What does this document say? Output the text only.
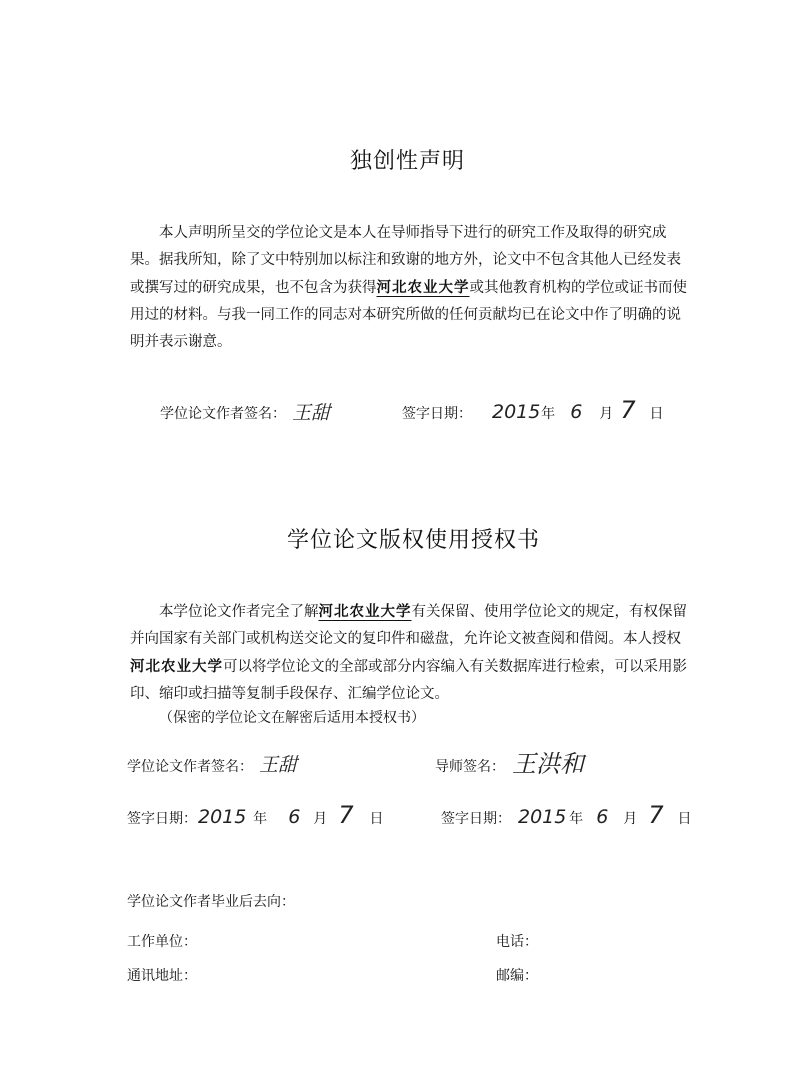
独创性声明

本人声明所呈交的学位论文是本人在导师指导下进行的研究工作及取得的研究成果。据我所知，除了文中特别加以标注和致谢的地方外，论文中不包含其他人已经发表或撰写过的研究成果，也不包含为获得河北农业大学或其他教育机构的学位或证书而使用过的材料。与我一同工作的同志对本研究所做的任何贡献均已在论文中作了明确的说明并表示谢意。

学位论文作者签名： 王甜	签字日期： 2015 年 6 月 7 日
学位论文版权使用授权书

本学位论文作者完全了解河北农业大学有关保留、使用学位论文的规定，有权保留并向国家有关部门或机构送交论文的复印件和磁盘，允许论文被查阅和借阅。本人授权河北农业大学可以将学位论文的全部或部分内容编入有关数据库进行检索，可以采用影印、缩印或扫描等复制手段保存、汇编学位论文。

（保密的学位论文在解密后适用本授权书）
学位论文作者签名： 王甜	导师签名： 王洪和
签字日期： 2015 年 6 月 7 日	签字日期： 2015 年 6 月 7 日
学位论文作者毕业后去向：
工作单位：	电话：
通讯地址：	邮编：
